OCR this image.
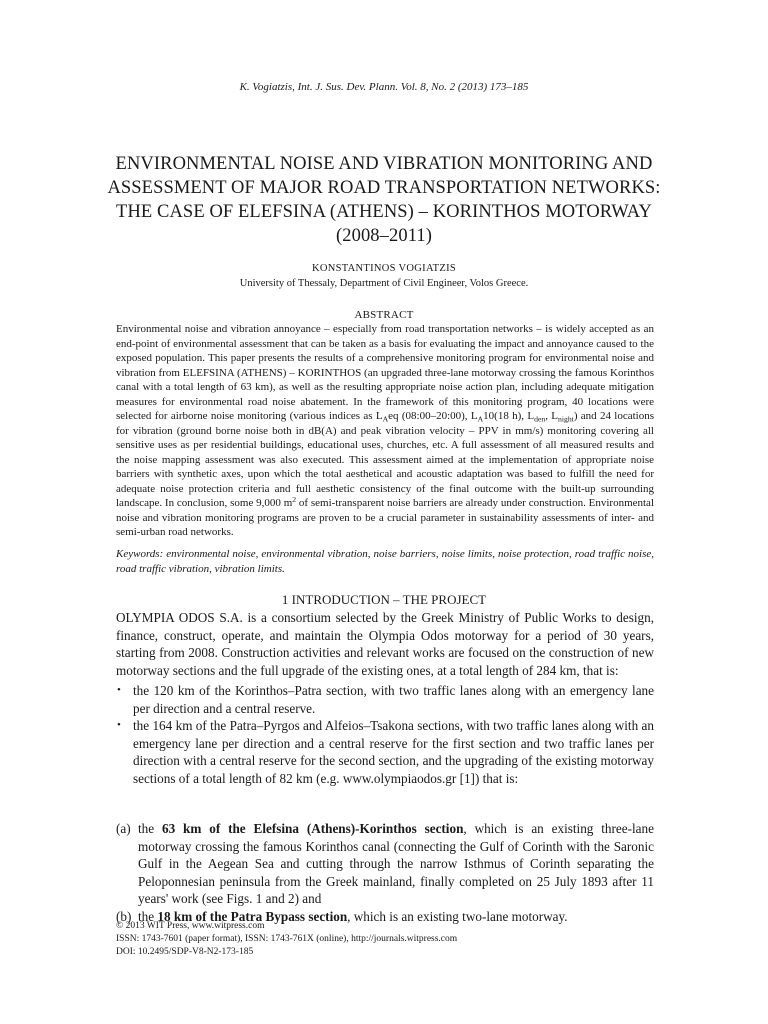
K. Vogiatzis, Int. J. Sus. Dev. Plann. Vol. 8, No. 2 (2013) 173–185
ENVIRONMENTAL NOISE AND VIBRATION MONITORING AND ASSESSMENT OF MAJOR ROAD TRANSPORTATION NETWORKS: THE CASE OF ELEFSINA (ATHENS) – KORINTHOS MOTORWAY (2008–2011)
KONSTANTINOS VOGIATZIS
University of Thessaly, Department of Civil Engineer, Volos Greece.
ABSTRACT
Environmental noise and vibration annoyance – especially from road transportation networks – is widely accepted as an end-point of environmental assessment that can be taken as a basis for evaluating the impact and annoyance caused to the exposed population. This paper presents the results of a comprehensive monitoring program for environmental noise and vibration from ELEFSINA (ATHENS) – KORINTHOS (an upgraded three-lane motorway crossing the famous Korinthos canal with a total length of 63 km), as well as the resulting appropriate noise action plan, including adequate mitigation measures for environmental road noise abatement. In the framework of this monitoring program, 40 locations were selected for airborne noise monitoring (various indices as $L_Aeq$ (08:00–20:00), $L_A10(18$ h), $L_{den}$, $L_{night}$) and 24 locations for vibration (ground borne noise both in dB(A) and peak vibration velocity – PPV in mm/s) monitoring covering all sensitive uses as per residential buildings, educational uses, churches, etc. A full assessment of all measured results and the noise mapping assessment was also executed. This assessment aimed at the implementation of appropriate noise barriers with synthetic axes, upon which the total aesthetical and acoustic adaptation was based to fulfill the need for adequate noise protection criteria and full aesthetic consistency of the final outcome with the built-up surrounding landscape. In conclusion, some 9,000 $m^2$ of semi-transparent noise barriers are already under construction. Environmental noise and vibration monitoring programs are proven to be a crucial parameter in sustainability assessments of inter- and semi-urban road networks.
Keywords: environmental noise, environmental vibration, noise barriers, noise limits, noise protection, road traffic noise, road traffic vibration, vibration limits.
1 INTRODUCTION – THE PROJECT
OLYMPIA ODOS S.A. is a consortium selected by the Greek Ministry of Public Works to design, finance, construct, operate, and maintain the Olympia Odos motorway for a period of 30 years, starting from 2008. Construction activities and relevant works are focused on the construction of new motorway sections and the full upgrade of the existing ones, at a total length of 284 km, that is:
• the 120 km of the Korinthos–Patra section, with two traffic lanes along with an emergency lane per direction and a central reserve.
• the 164 km of the Patra–Pyrgos and Alfeios–Tsakona sections, with two traffic lanes along with an emergency lane per direction and a central reserve for the first section and two traffic lanes per direction with a central reserve for the second section, and the upgrading of the existing motorway sections of a total length of 82 km (e.g. www.olympiaodos.gr [1]) that is:
(a) the 63 km of the Elefsina (Athens)-Korinthos section, which is an existing three-lane motorway crossing the famous Korinthos canal (connecting the Gulf of Corinth with the Saronic Gulf in the Aegean Sea and cutting through the narrow Isthmus of Corinth separating the Peloponnesian peninsula from the Greek mainland, finally completed on 25 July 1893 after 11 years' work (see Figs. 1 and 2) and
(b) the 18 km of the Patra Bypass section, which is an existing two-lane motorway.
© 2013 WIT Press, www.witpress.com
ISSN: 1743-7601 (paper format), ISSN: 1743-761X (online), http://journals.witpress.com
DOI: 10.2495/SDP-V8-N2-173-185
